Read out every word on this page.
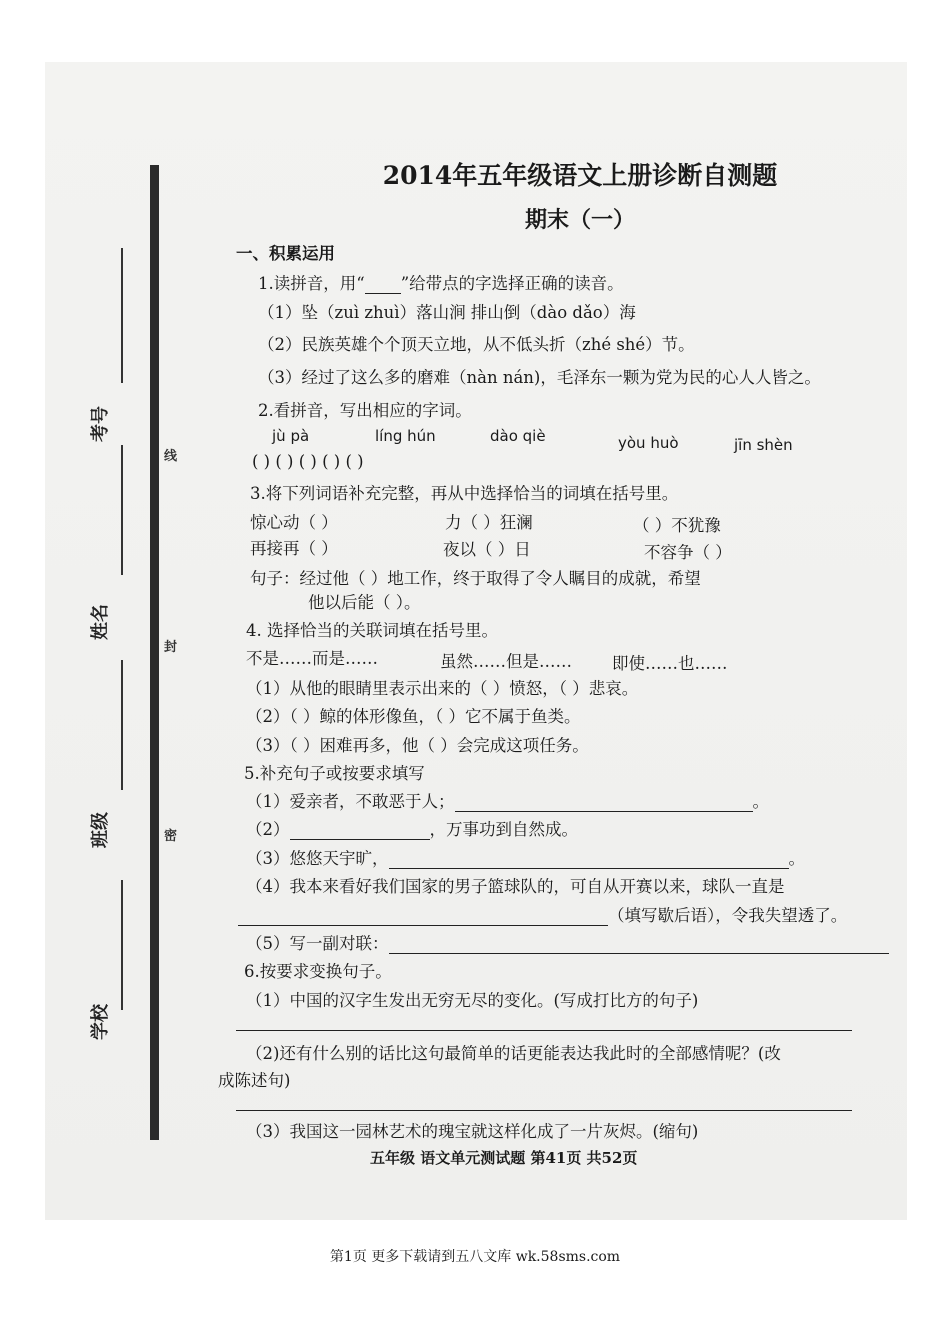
考号
姓名
班级
学校
线
封
密
2014年五年级语文上册诊断自测题
期末（一）
一、积累运用
1.读拼音，用“ ”给带点的字选择正确的读音。
（1）坠（zuì zhuì）落山涧 排山倒（dào dǎo）海
（2）民族英雄个个顶天立地，从不低头折（zhé shé）节。
（3）经过了这么多的磨难（nàn nán)，毛泽东一颗为党为民的心人人皆之。
2.看拼音，写出相应的字词。
jù pà	líng hún	dào qiè	yòu huò	jīn shèn
( ) ( ) ( ) ( ) ( )
3.将下列词语补充完整，再从中选择恰当的词填在括号里。
惊心动（ ）	力（ ）狂澜	（ ）不犹豫
再接再（ ）	夜以（ ）日	不容争（ ）
句子：经过他（ ）地工作，终于取得了令人瞩目的成就，希望
他以后能（ ）。
4. 选择恰当的关联词填在括号里。
不是……而是……	虽然……但是…… 即使……也……
（1）从他的眼睛里表示出来的（ ）愤怒，（ ）悲哀。
（2）（ ）鲸的体形像鱼，（ ）它不属于鱼类。
（3）（ ）困难再多，他（ ）会完成这项任务。
5.补充句子或按要求填写
（1）爱亲者，不敢恶于人；	。
（2）	，万事功到自然成。
（3）悠悠天宇旷，	。
（4）我本来看好我们国家的男子篮球队的，可自从开赛以来，球队一直是
（填写歇后语），令我失望透了。
（5）写一副对联：
6.按要求变换句子。
（1）中国的汉字生发出无穷无尽的变化。(写成打比方的句子)
（2)还有什么别的话比这句最简单的话更能表达我此时的全部感情呢？(改
成陈述句)
（3）我国这一园林艺术的瑰宝就这样化成了一片灰烬。(缩句)
五年级 语文单元测试题 第41页 共52页
第1页 更多下载请到五八文库 wk.58sms.com
